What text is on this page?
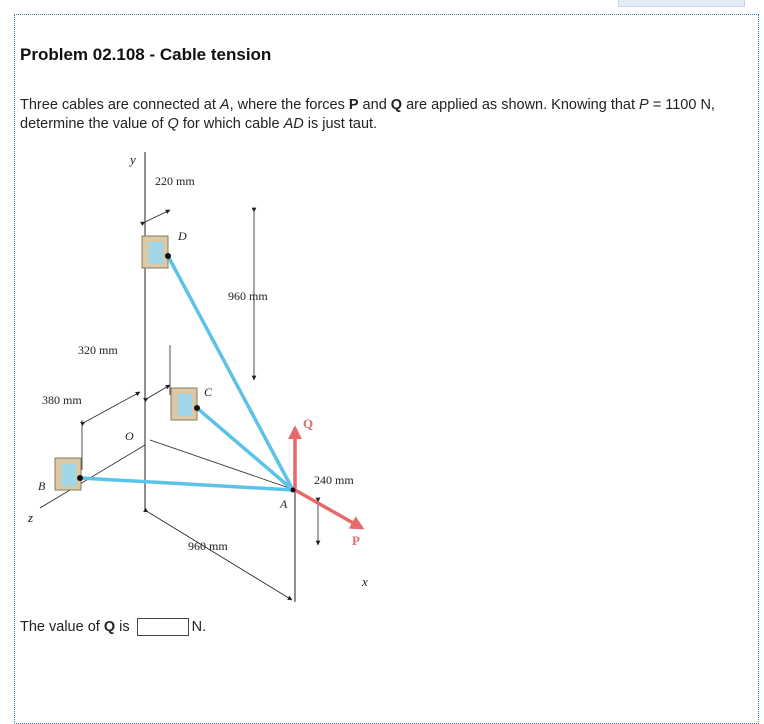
Problem 02.108 - Cable tension

Three cables are connected at A, where the forces P and Q are applied as shown. Knowing that P = 1100 N, determine the value of Q for which cable AD is just taut.

y
220 mm
D
960 mm
320 mm
380 mm
C
O
Q
240 mm
B
A
z
P
960 mm
x
The value of Q is	N.
